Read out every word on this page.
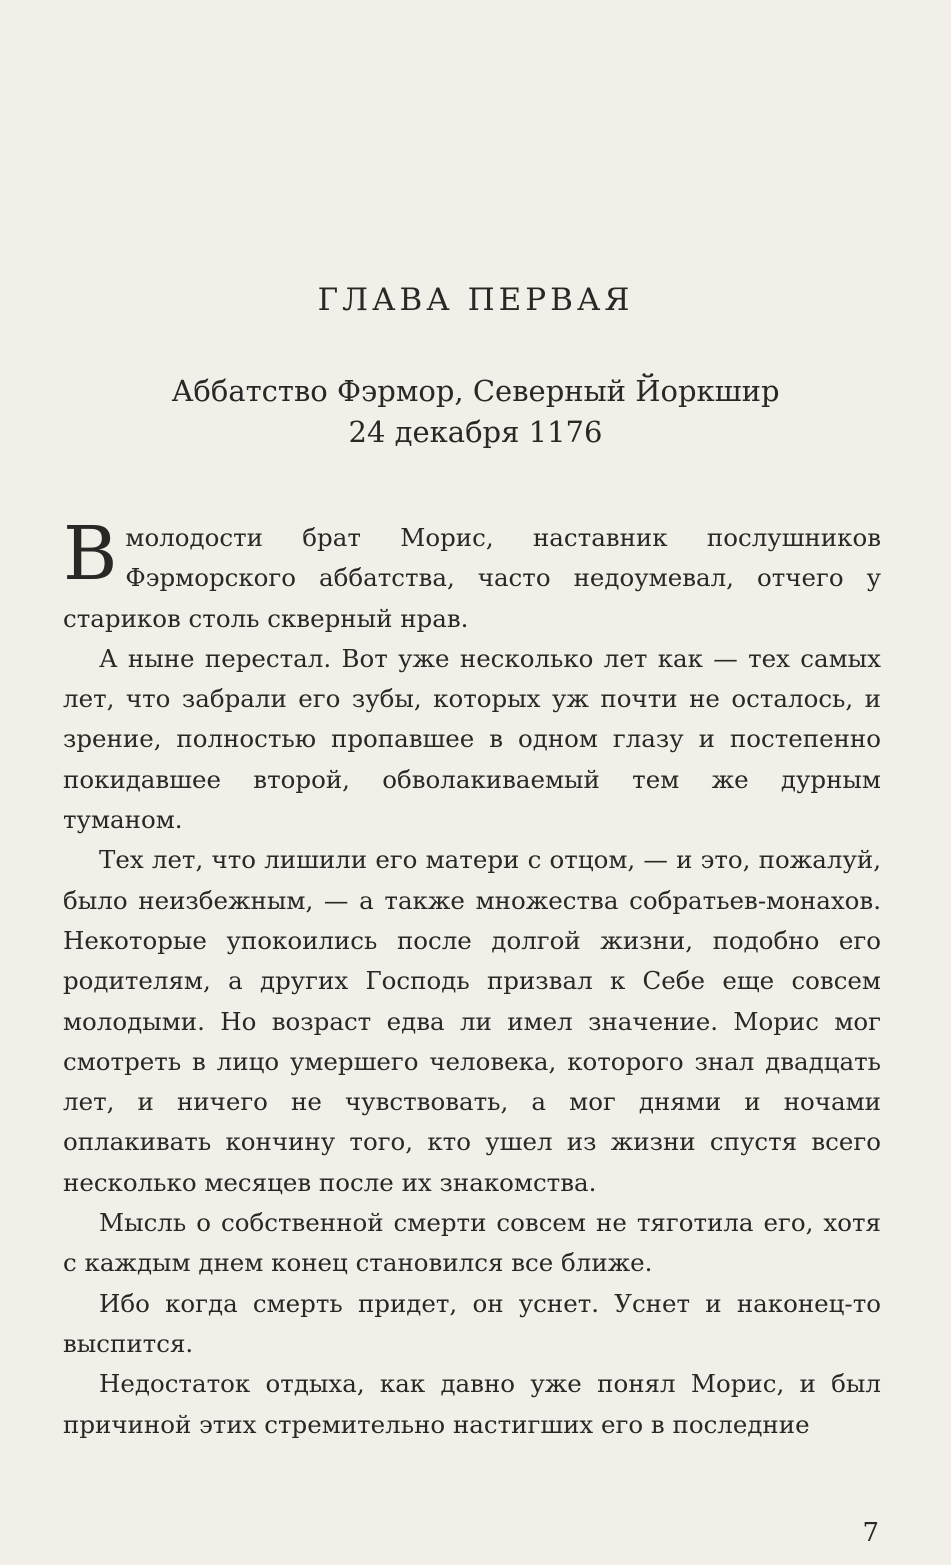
ГЛАВА ПЕРВАЯ
Аббатство Фэрмор, Северный Йоркшир
24 декабря 1176

В молодости брат Морис, наставник послушников Фэрморского аббатства, часто недоумевал, отчего у стариков столь скверный нрав.

А ныне перестал. Вот уже несколько лет как — тех самых лет, что забрали его зубы, которых уж почти не осталось, и зрение, полностью пропавшее в одном глазу и постепенно покидавшее второй, обволакиваемый тем же дурным туманом.

Тех лет, что лишили его матери с отцом, — и это, пожалуй, было неизбежным, — а также множества собратьев-монахов. Некоторые упокоились после долгой жизни, подобно его родителям, а других Господь призвал к Себе еще совсем молодыми. Но возраст едва ли имел значение. Морис мог смотреть в лицо умершего человека, которого знал двадцать лет, и ничего не чувствовать, а мог днями и ночами оплакивать кончину того, кто ушел из жизни спустя всего несколько месяцев после их знакомства.

Мысль о собственной смерти совсем не тяготила его, хотя с каждым днем конец становился все ближе.

Ибо когда смерть придет, он уснет. Уснет и наконец-то выспится.

Недостаток отдыха, как давно уже понял Морис, и был причиной этих стремительно настигших его в последние

7
